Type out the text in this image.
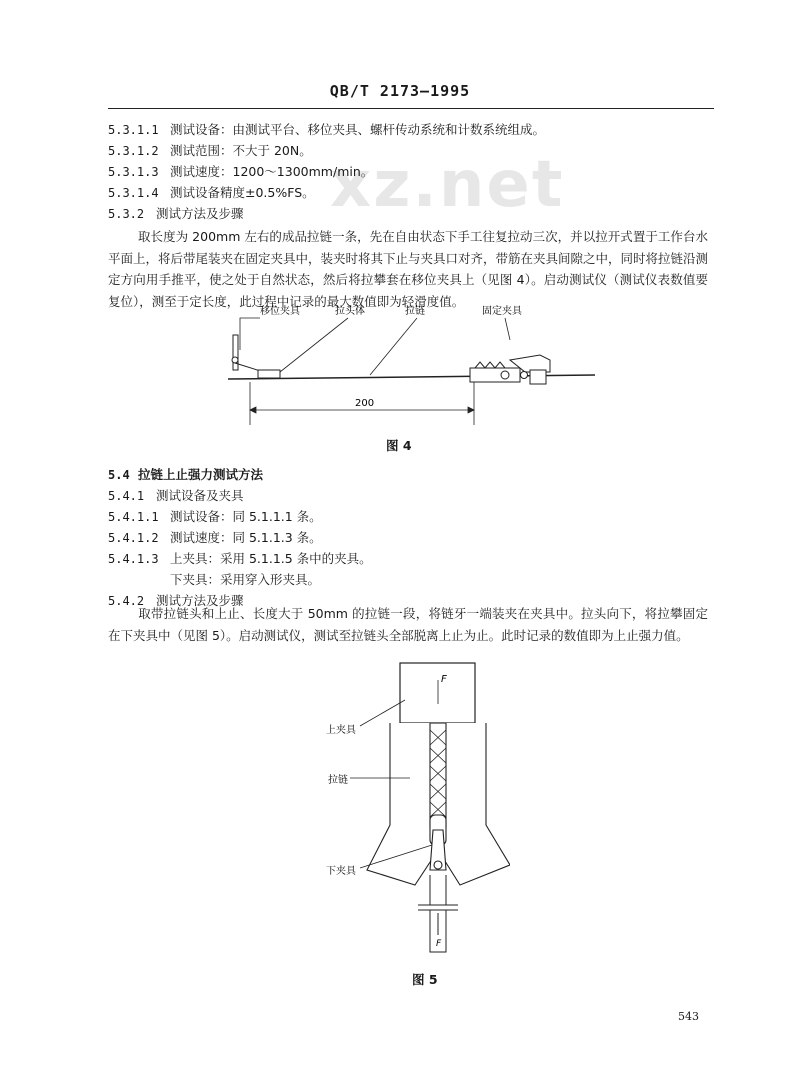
QB/T 2173—1995
xz.net
5.3.1.1 测试设备：由测试平台、移位夹具、螺杆传动系统和计数系统组成。
5.3.1.2 测试范围：不大于 20N。
5.3.1.3 测试速度：1200～1300mm/min。
5.3.1.4 测试设备精度±0.5%FS。
5.3.2 测试方法及步骤
取长度为 200mm 左右的成品拉链一条，先在自由状态下手工往复拉动三次，并以拉开式置于工作台水平面上，将后带尾装夹在固定夹具中，装夹时将其下止与夹具口对齐，带筋在夹具间隙之中，同时将拉链沿测定方向用手推平，使之处于自然状态，然后将拉攀套在移位夹具上（见图 4）。启动测试仪（测试仪表数值要复位），测至于定长度，此过程中记录的最大数值即为轻滑度值。
移位夹具	拉头体	拉链	固定夹具
200
图 4
5.4 拉链上止强力测试方法
5.4.1 测试设备及夹具
5.4.1.1 测试设备：同 5.1.1.1 条。
5.4.1.2 测试速度：同 5.1.1.3 条。
5.4.1.3 上夹具：采用 5.1.1.5 条中的夹具。
下夹具：采用穿入形夹具。
5.4.2 测试方法及步骤
取带拉链头和上止、长度大于 50mm 的拉链一段，将链牙一端装夹在夹具中。拉头向下，将拉攀固定在下夹具中（见图 5）。启动测试仪，测试至拉链头全部脱离上止为止。此时记录的数值即为上止强力值。
F
F
上夹具
拉链
下夹具
图 5
543
